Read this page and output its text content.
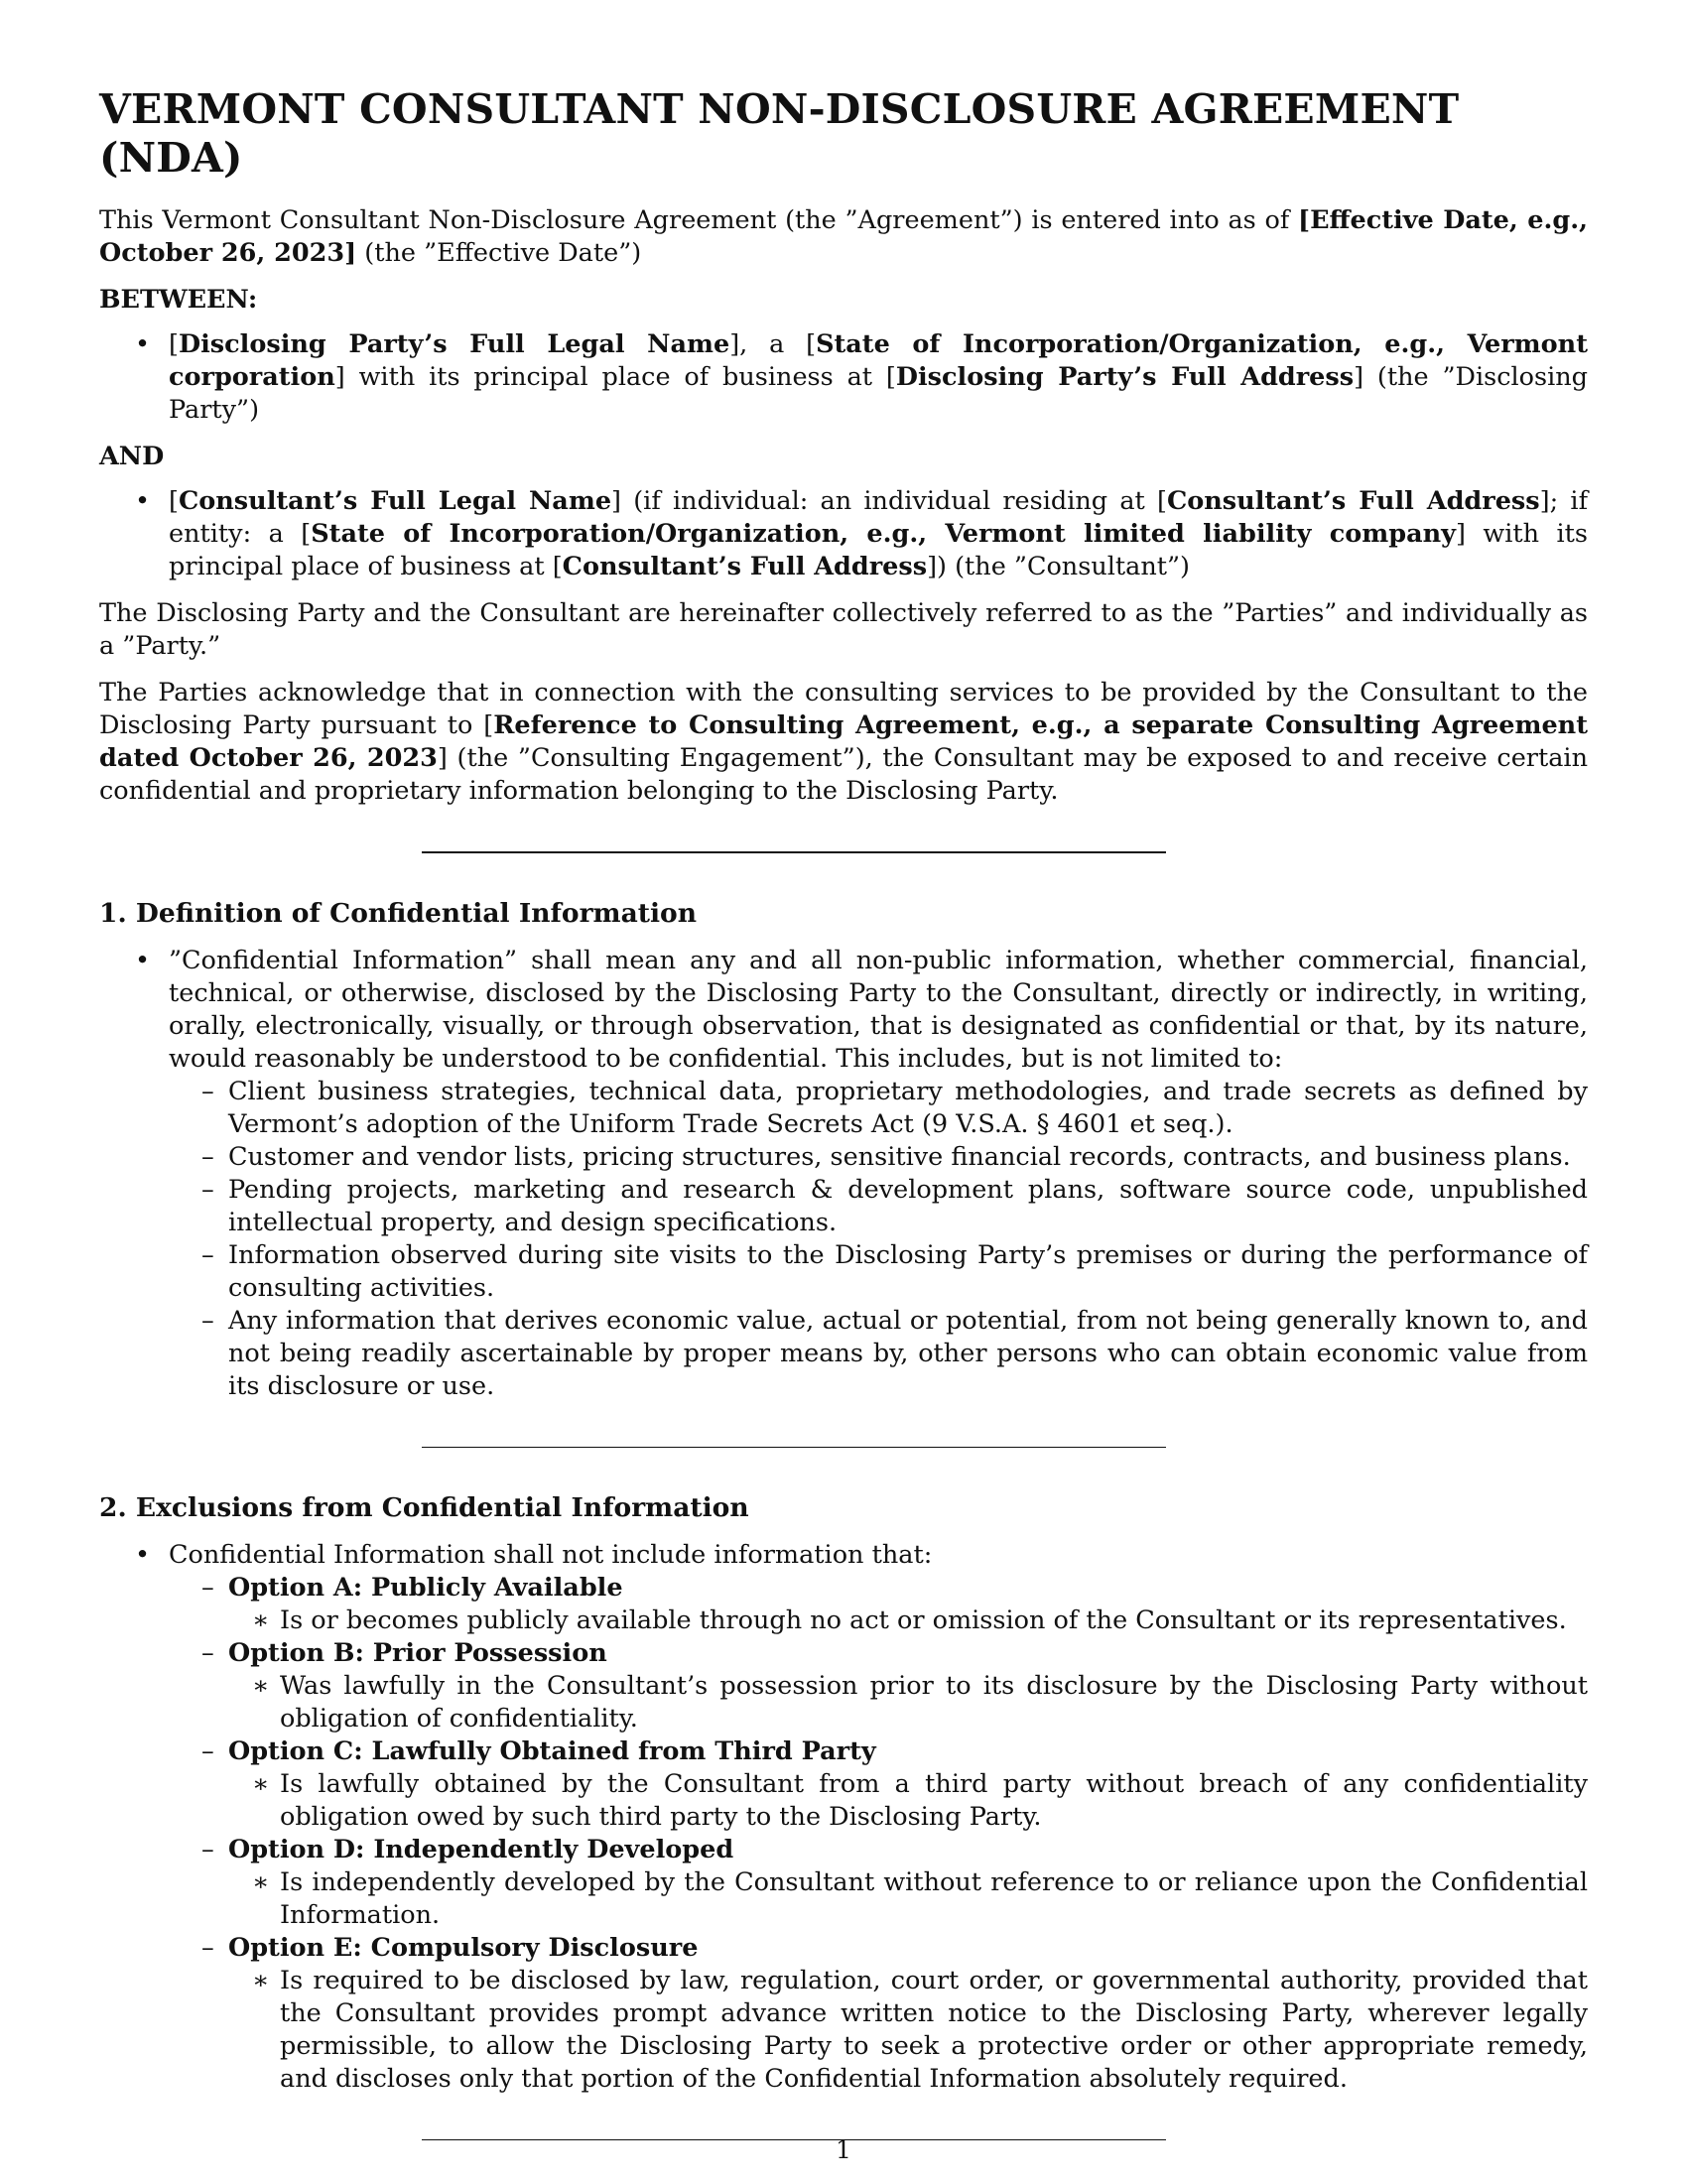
VERMONT CONSULTANT NON-DISCLOSURE AGREEMENT (NDA)

This Vermont Consultant Non-Disclosure Agreement (the ”Agreement”) is entered into as of [Effective Date, e.g., October 26, 2023] (the ”Effective Date”)

BETWEEN:
• [Disclosing Party’s Full Legal Name], a [State of Incorporation/Organization, e.g., Vermont corporation] with its principal place of business at [Disclosing Party’s Full Address] (the ”Disclosing Party”)
AND
• [Consultant’s Full Legal Name] (if individual: an individual residing at [Consultant’s Full Address]; if entity: a [State of Incorporation/Organization, e.g., Vermont limited liability company] with its principal place of business at [Consultant’s Full Address]) (the ”Consultant”)

The Disclosing Party and the Consultant are hereinafter collectively referred to as the ”Parties” and individually as a ”Party.”

The Parties acknowledge that in connection with the consulting services to be provided by the Consultant to the Disclosing Party pursuant to [Reference to Consulting Agreement, e.g., a separate Consulting Agreement dated October 26, 2023] (the ”Consulting Engagement”), the Consultant may be exposed to and receive certain confidential and proprietary information belonging to the Disclosing Party.

1. Definition of Confidential Information
• ”Confidential Information” shall mean any and all non-public information, whether commercial, financial, technical, or otherwise, disclosed by the Disclosing Party to the Consultant, directly or indirectly, in writing, orally, electronically, visually, or through observation, that is designated as confidential or that, by its nature, would reasonably be understood to be confidential. This includes, but is not limited to:
– Client business strategies, technical data, proprietary methodologies, and trade secrets as defined by Vermont’s adoption of the Uniform Trade Secrets Act (9 V.S.A. § 4601 et seq.).
– Customer and vendor lists, pricing structures, sensitive financial records, contracts, and business plans.
– Pending projects, marketing and research & development plans, software source code, unpublished intellectual property, and design specifications.
– Information observed during site visits to the Disclosing Party’s premises or during the performance of consulting activities.
– Any information that derives economic value, actual or potential, from not being generally known to, and not being readily ascertainable by proper means by, other persons who can obtain economic value from its disclosure or use.
2. Exclusions from Confidential Information
• Confidential Information shall not include information that:
– Option A: Publicly Available
∗ Is or becomes publicly available through no act or omission of the Consultant or its representatives.
– Option B: Prior Possession
∗ Was lawfully in the Consultant’s possession prior to its disclosure by the Disclosing Party without obligation of confidentiality.
– Option C: Lawfully Obtained from Third Party
∗ Is lawfully obtained by the Consultant from a third party without breach of any confidentiality obligation owed by such third party to the Disclosing Party.
– Option D: Independently Developed
∗ Is independently developed by the Consultant without reference to or reliance upon the Confidential Information.
– Option E: Compulsory Disclosure
∗ Is required to be disclosed by law, regulation, court order, or governmental authority, provided that the Consultant provides prompt advance written notice to the Disclosing Party, wherever legally permissible, to allow the Disclosing Party to seek a protective order or other appropriate remedy, and discloses only that portion of the Confidential Information absolutely required.
1
